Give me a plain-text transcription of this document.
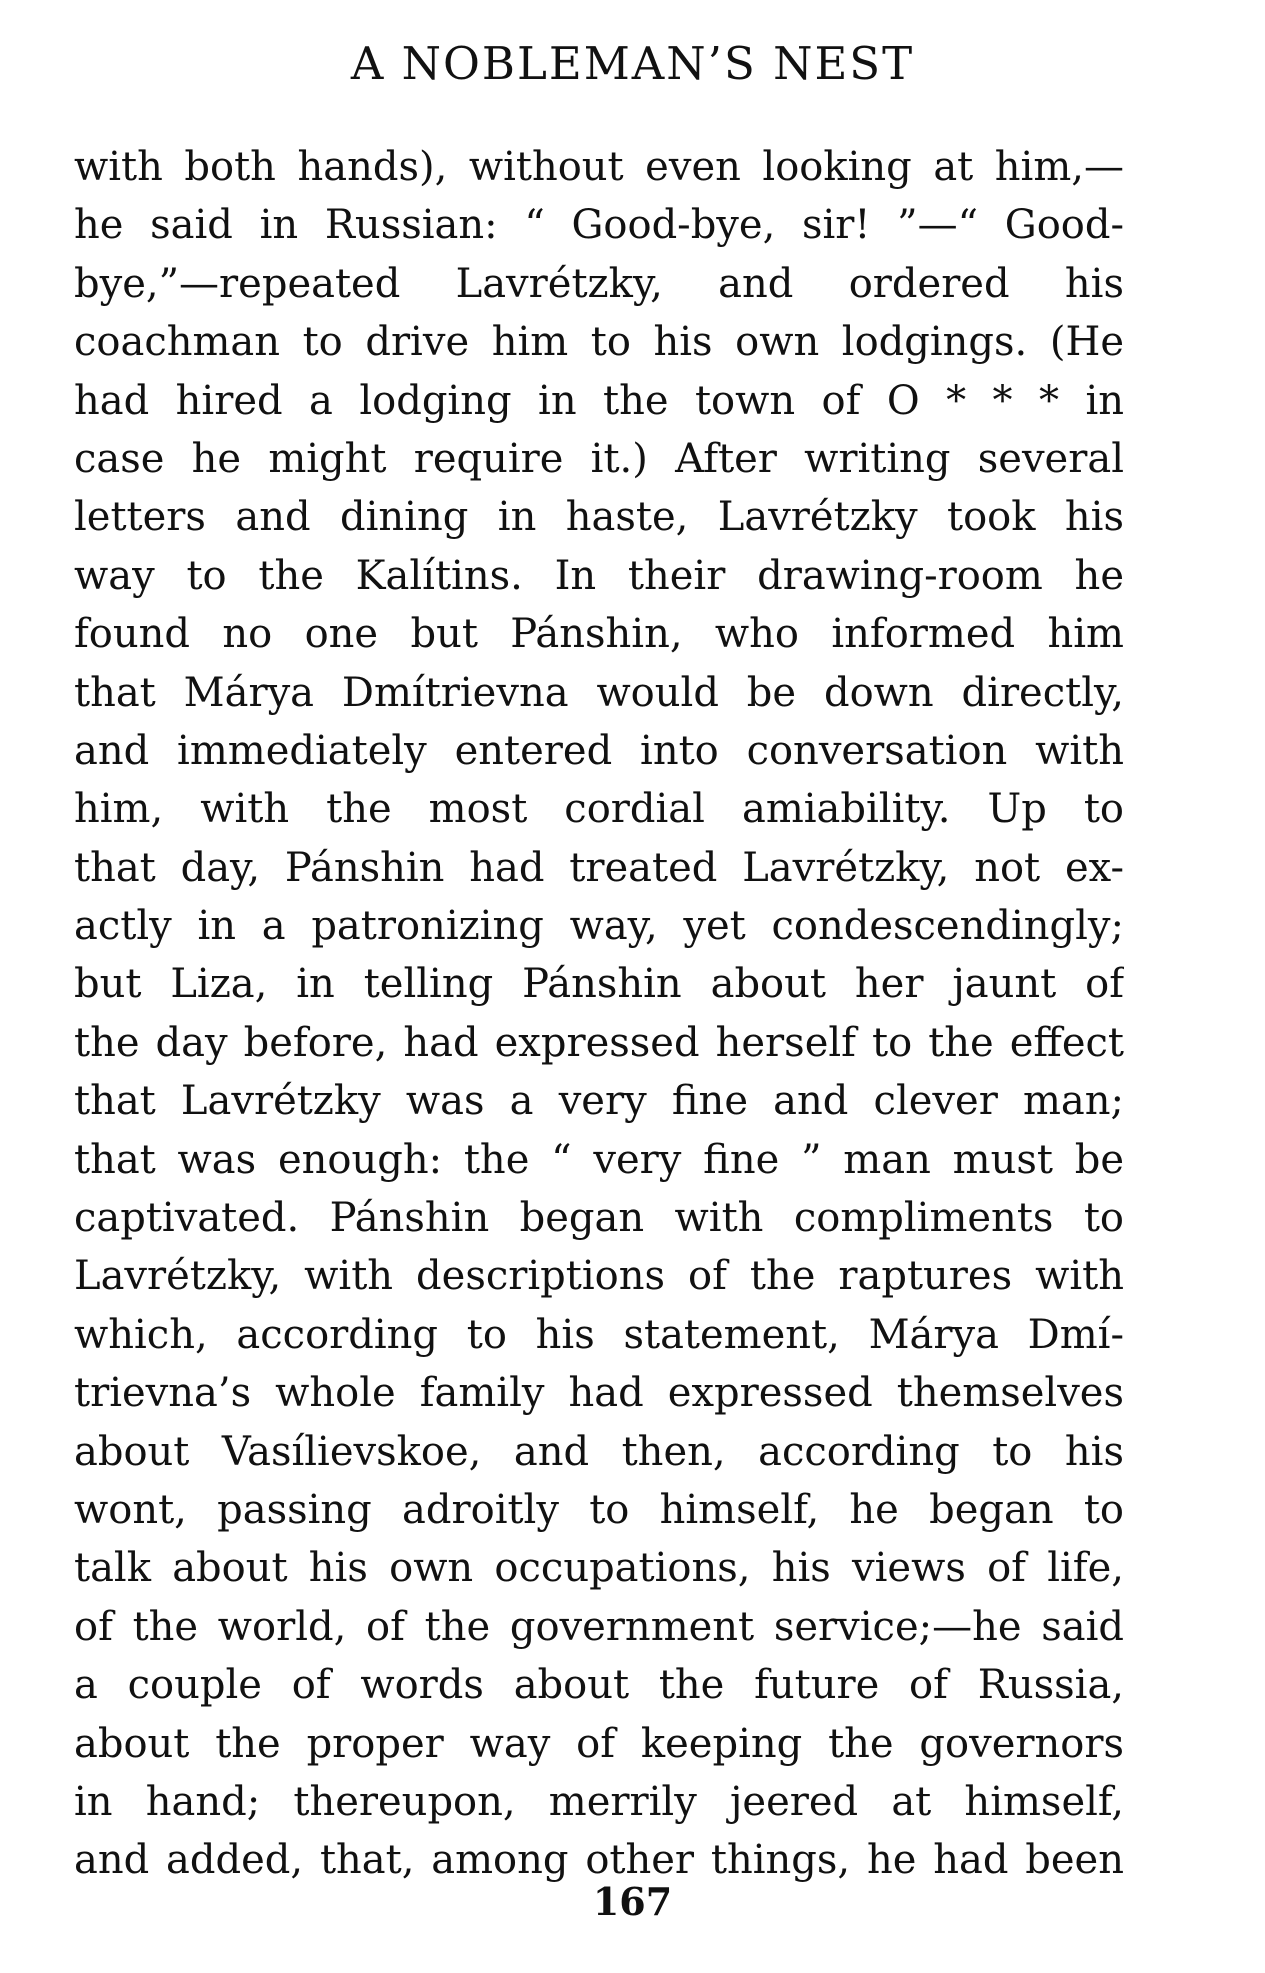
A NOBLEMAN’S NEST
with both hands), without even looking at him,—
he said in Russian: “ Good-bye, sir! ”—“ Good-
bye,”—repeated Lavrétzky, and ordered his
coachman to drive him to his own lodgings. (He
had hired a lodging in the town of O * * * in
case he might require it.) After writing several
letters and dining in haste, Lavrétzky took his
way to the Kalítins. In their drawing-room he
found no one but Pánshin, who informed him
that Márya Dmítrievna would be down directly,
and immediately entered into conversation with
him, with the most cordial amiability. Up to
that day, Pánshin had treated Lavrétzky, not ex-
actly in a patronizing way, yet condescendingly;
but Liza, in telling Pánshin about her jaunt of
the day before, had expressed herself to the effect
that Lavrétzky was a very fine and clever man;
that was enough: the “ very fine ” man must be
captivated. Pánshin began with compliments to
Lavrétzky, with descriptions of the raptures with
which, according to his statement, Márya Dmí-
trievna’s whole family had expressed themselves
about Vasílievskoe, and then, according to his
wont, passing adroitly to himself, he began to
talk about his own occupations, his views of life,
of the world, of the government service;—he said
a couple of words about the future of Russia,
about the proper way of keeping the governors
in hand; thereupon, merrily jeered at himself,
and added, that, among other things, he had been
167
